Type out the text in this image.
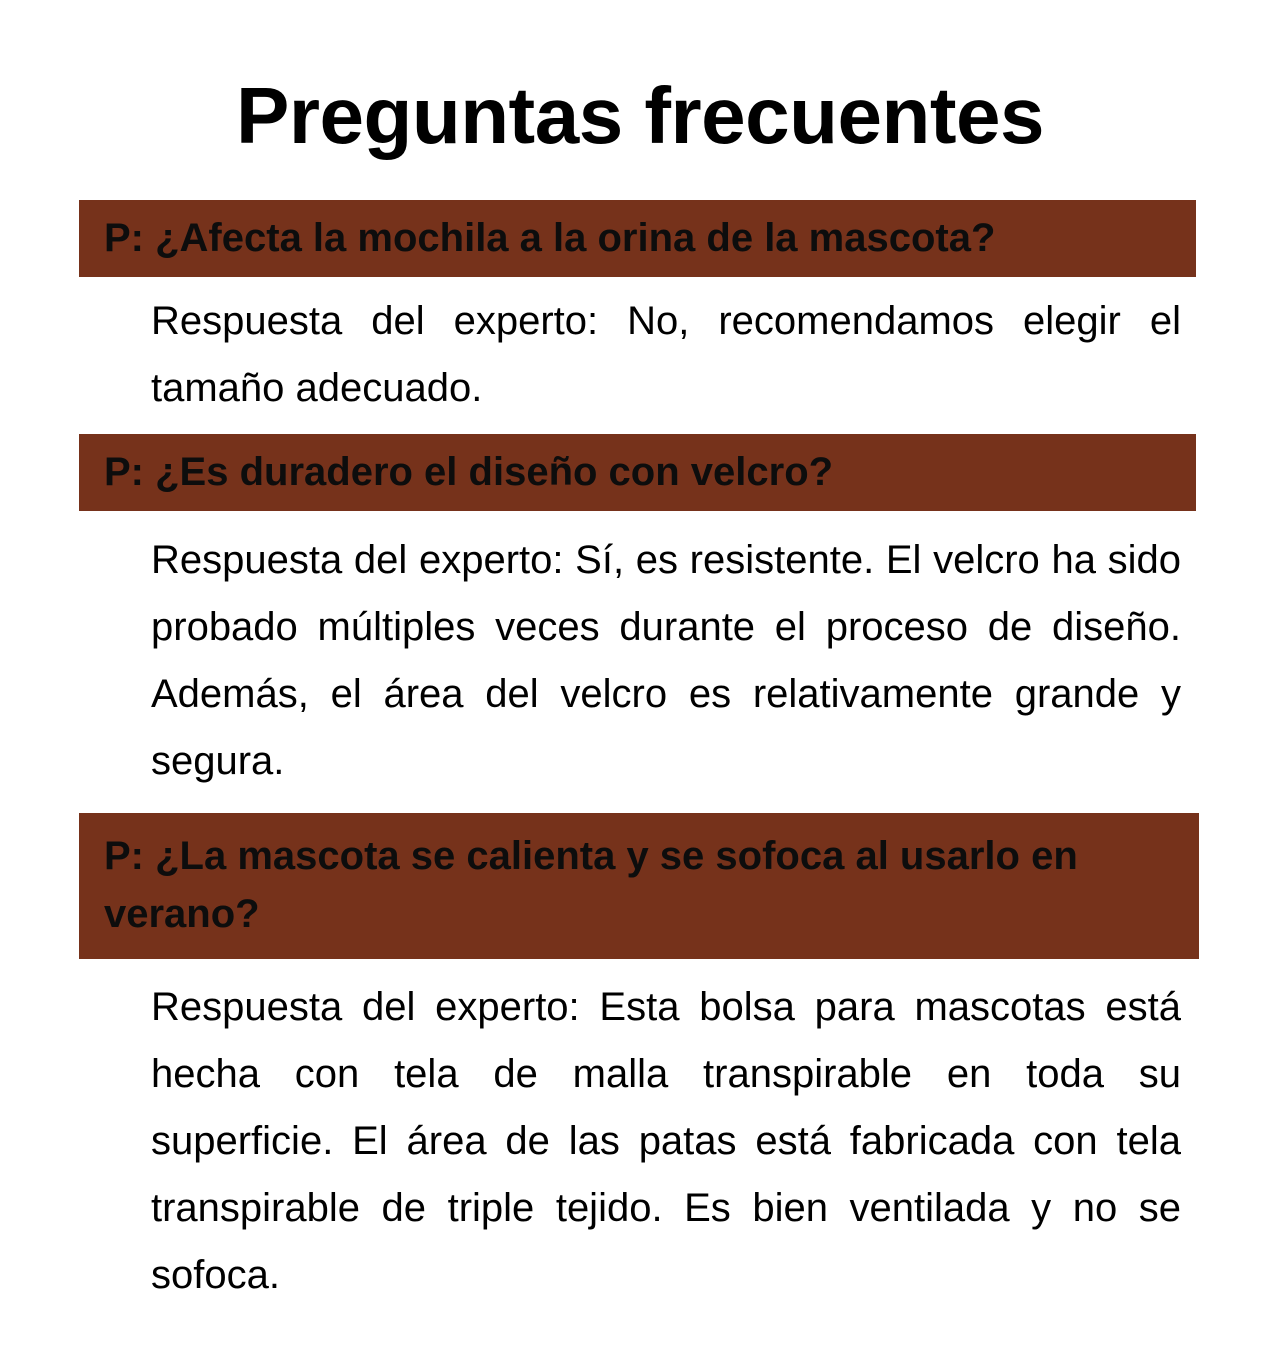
Preguntas frecuentes
P: ¿Afecta la mochila a la orina de la mascota?
Respuesta del experto: No, recomendamos elegir el tamaño adecuado.
P: ¿Es duradero el diseño con velcro?
Respuesta del experto: Sí, es resistente. El velcro ha sido probado múltiples veces durante el proceso de diseño. Además, el área del velcro es relativamente grande y segura.
P: ¿La mascota se calienta y se sofoca al usarlo en verano?
Respuesta del experto: Esta bolsa para mascotas está hecha con tela de malla transpirable en toda su superficie. El área de las patas está fabricada con tela transpirable de triple tejido. Es bien ventilada y no se sofoca.
